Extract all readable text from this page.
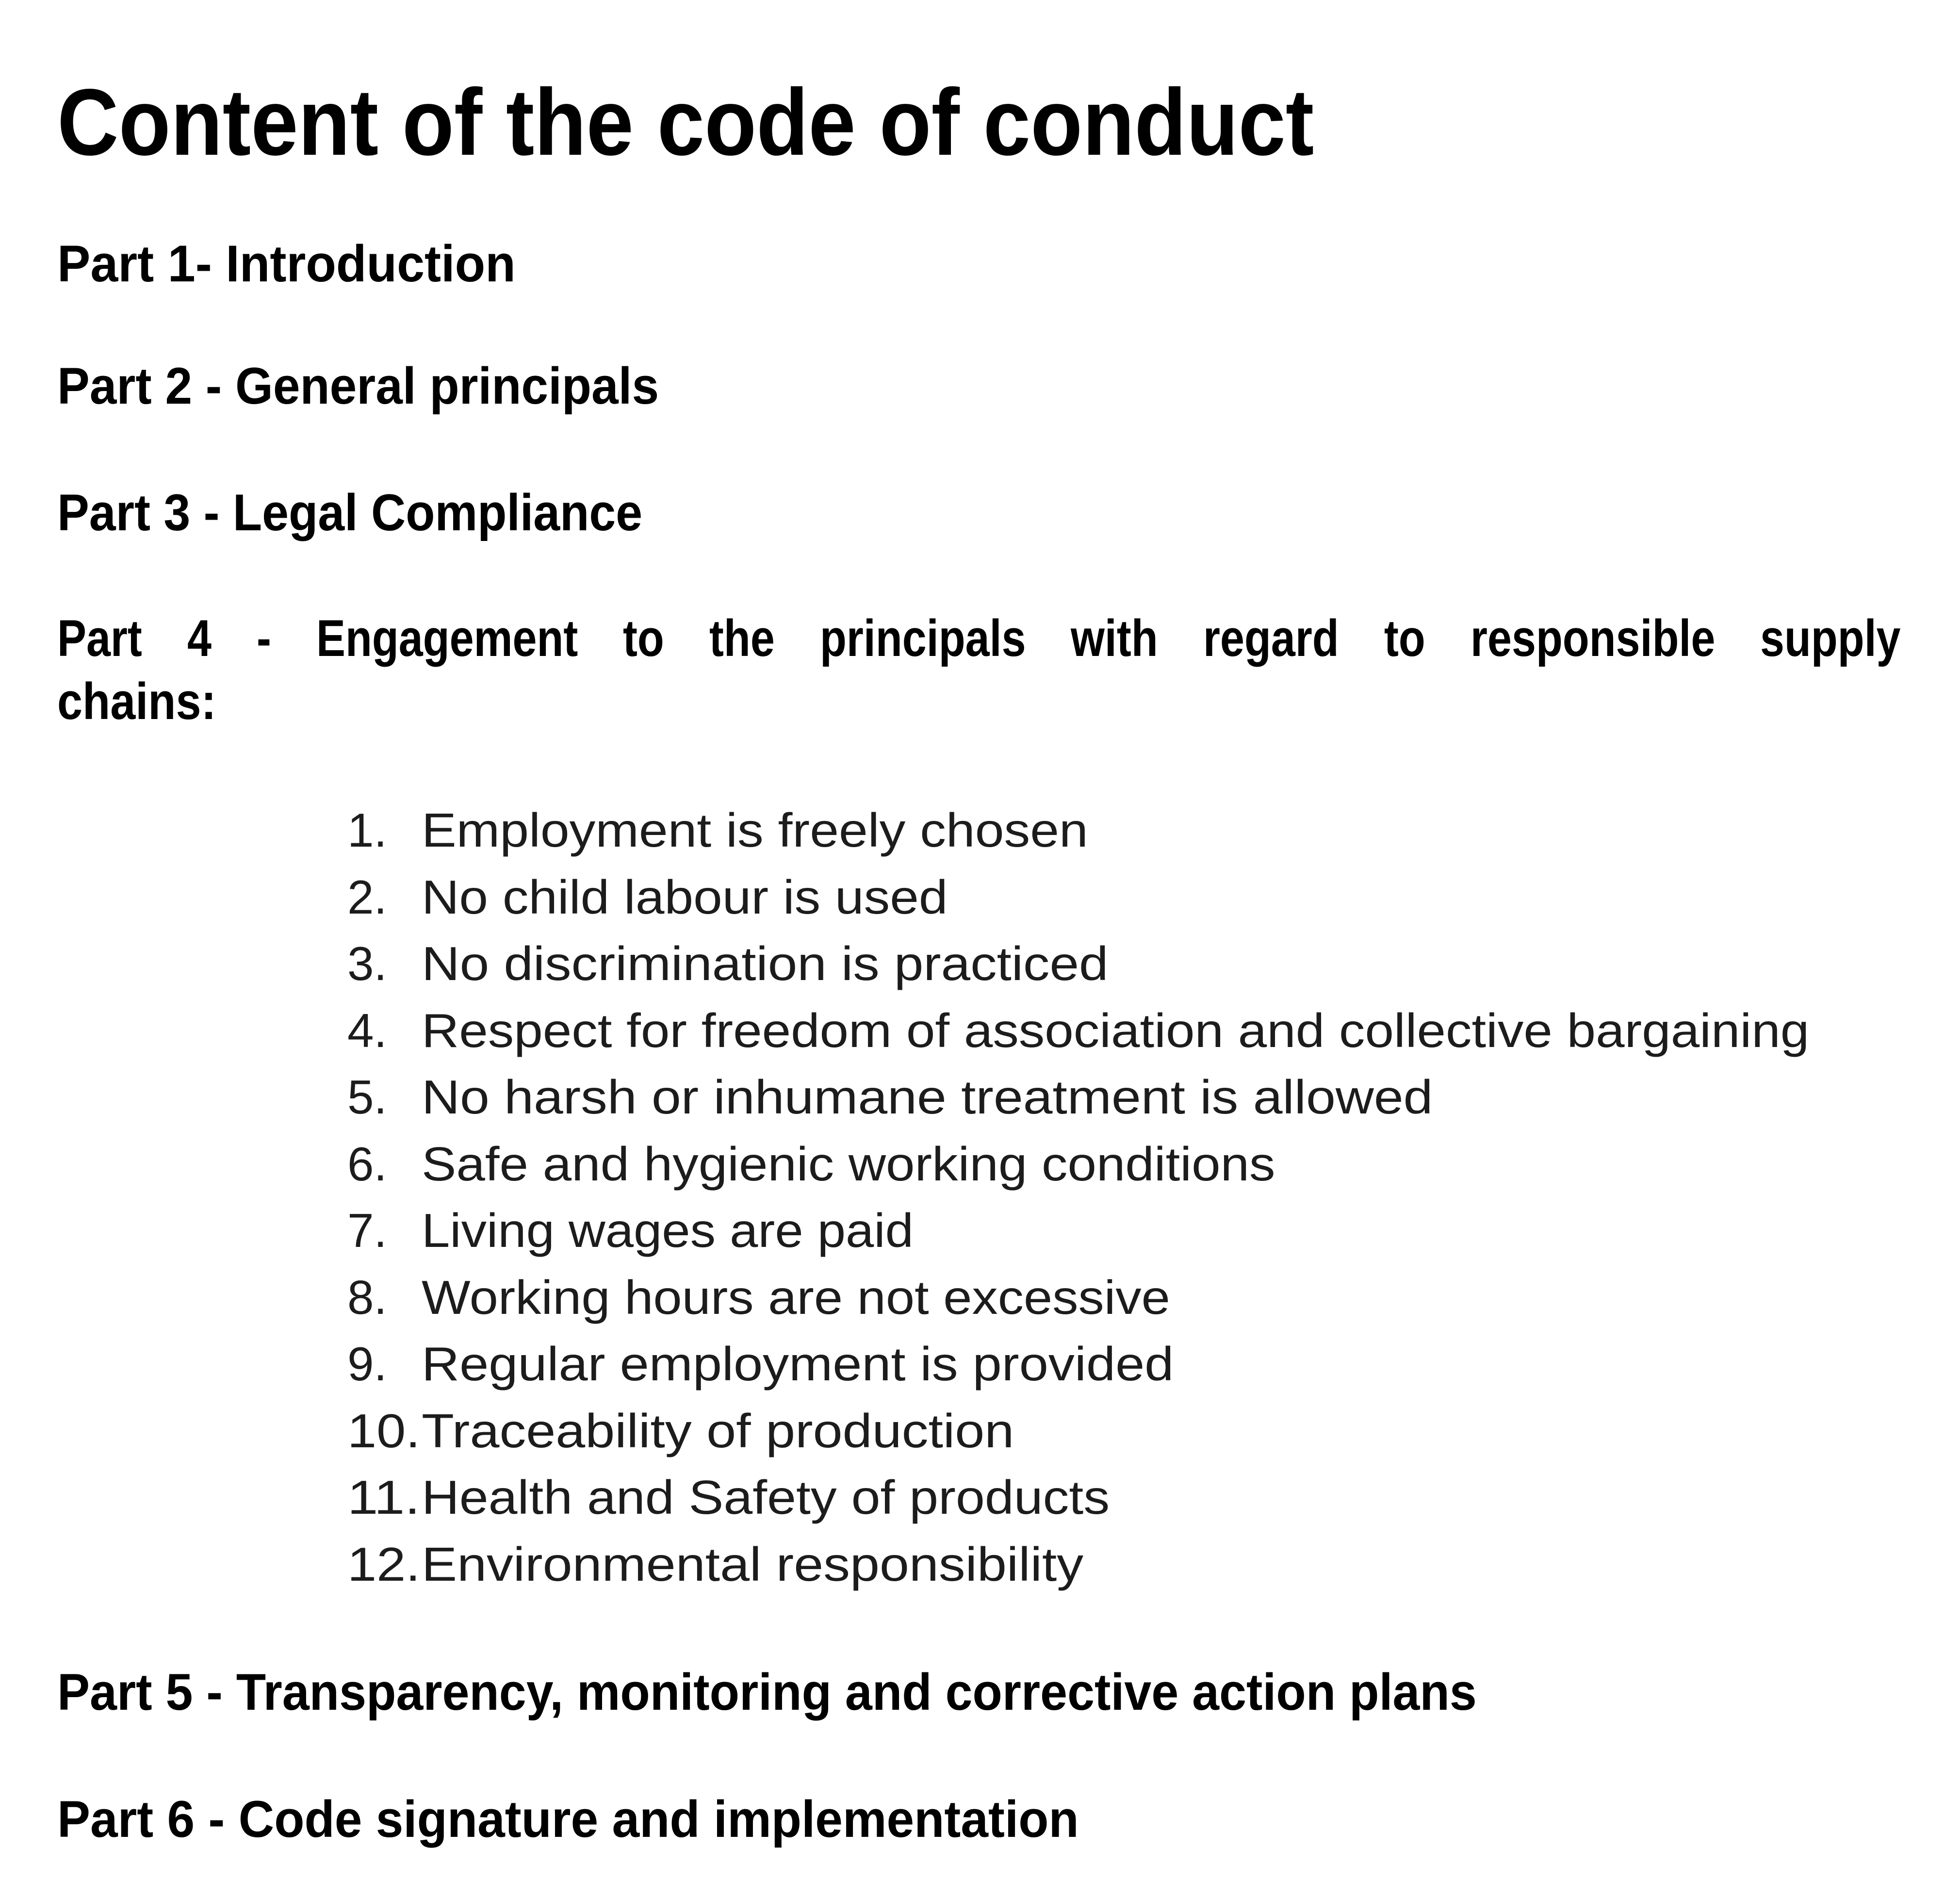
Content of the code of conduct

Part 1- Introduction

Part 2 - General principals

Part 3 - Legal Compliance

Part 4 - Engagement to the principals with regard to responsible supply

chains:

1. Employment is freely chosen
2. No child labour is used
3. No discrimination is practiced
4. Respect for freedom of association and collective bargaining
5. No harsh or inhumane treatment is allowed
6. Safe and hygienic working conditions
7. Living wages are paid
8. Working hours are not excessive
9. Regular employment is provided
10. Traceability of production
11. Health and Safety of products
12. Environmental responsibility

Part 5 - Transparency, monitoring and corrective action plans

Part 6 - Code signature and implementation
